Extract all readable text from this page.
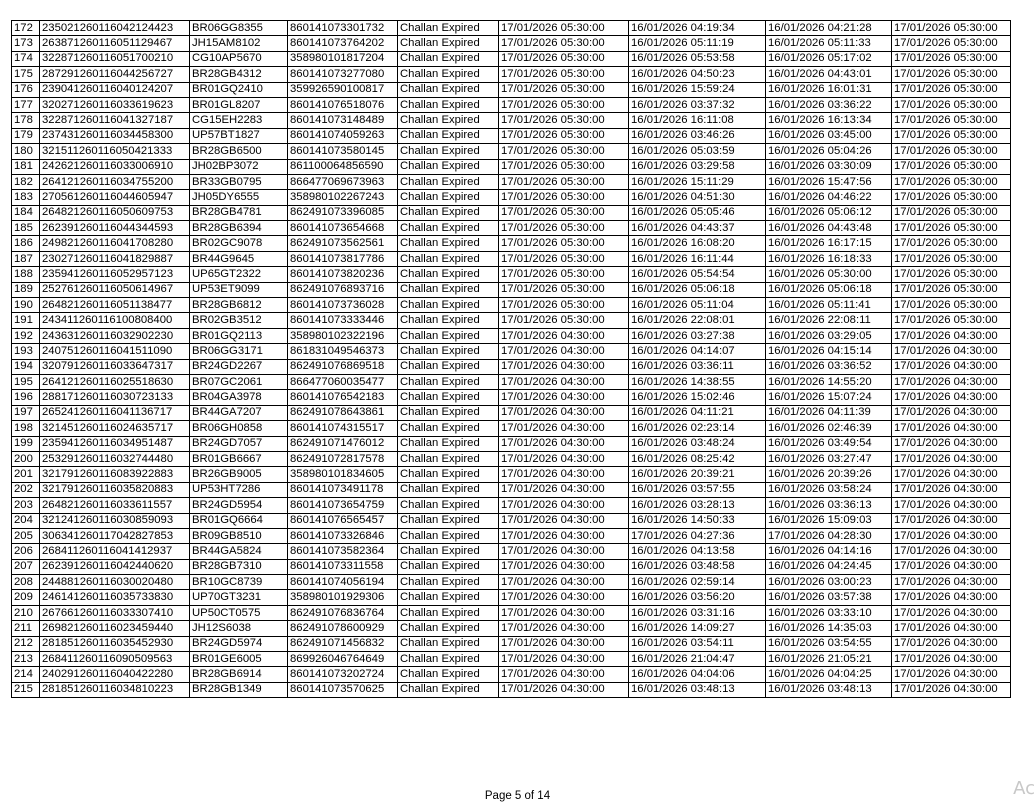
172	235021260116042124423	BR06GG8355	860141073301732	Challan Expired	17/01/2026 05:30:00	16/01/2026 04:19:34	16/01/2026 04:21:28	17/01/2026 05:30:00
173	263871260116051129467	JH15AM8102	860141073764202	Challan Expired	17/01/2026 05:30:00	16/01/2026 05:11:19	16/01/2026 05:11:33	17/01/2026 05:30:00
174	322871260116051700210	CG10AP5670	358980101817204	Challan Expired	17/01/2026 05:30:00	16/01/2026 05:53:58	16/01/2026 05:17:02	17/01/2026 05:30:00
175	287291260116044256727	BR28GB4312	860141073277080	Challan Expired	17/01/2026 05:30:00	16/01/2026 04:50:23	16/01/2026 04:43:01	17/01/2026 05:30:00
176	239041260116040124207	BR01GQ2410	359926590100817	Challan Expired	17/01/2026 05:30:00	16/01/2026 15:59:24	16/01/2026 16:01:31	17/01/2026 05:30:00
177	320271260116033619623	BR01GL8207	860141076518076	Challan Expired	17/01/2026 05:30:00	16/01/2026 03:37:32	16/01/2026 03:36:22	17/01/2026 05:30:00
178	322871260116041327187	CG15EH2283	860141073148489	Challan Expired	17/01/2026 05:30:00	16/01/2026 16:11:08	16/01/2026 16:13:34	17/01/2026 05:30:00
179	237431260116034458300	UP57BT1827	860141074059263	Challan Expired	17/01/2026 05:30:00	16/01/2026 03:46:26	16/01/2026 03:45:00	17/01/2026 05:30:00
180	321511260116050421333	BR28GB6500	860141073580145	Challan Expired	17/01/2026 05:30:00	16/01/2026 05:03:59	16/01/2026 05:04:26	17/01/2026 05:30:00
181	242621260116033006910	JH02BP3072	861100064856590	Challan Expired	17/01/2026 05:30:00	16/01/2026 03:29:58	16/01/2026 03:30:09	17/01/2026 05:30:00
182	264121260116034755200	BR33GB0795	866477069673963	Challan Expired	17/01/2026 05:30:00	16/01/2026 15:11:29	16/01/2026 15:47:56	17/01/2026 05:30:00
183	270561260116044605947	JH05DY6555	358980102267243	Challan Expired	17/01/2026 05:30:00	16/01/2026 04:51:30	16/01/2026 04:46:22	17/01/2026 05:30:00
184	264821260116050609753	BR28GB4781	862491073396085	Challan Expired	17/01/2026 05:30:00	16/01/2026 05:05:46	16/01/2026 05:06:12	17/01/2026 05:30:00
185	262391260116044344593	BR28GB6394	860141073654668	Challan Expired	17/01/2026 05:30:00	16/01/2026 04:43:37	16/01/2026 04:43:48	17/01/2026 05:30:00
186	249821260116041708280	BR02GC9078	862491073562561	Challan Expired	17/01/2026 05:30:00	16/01/2026 16:08:20	16/01/2026 16:17:15	17/01/2026 05:30:00
187	230271260116041829887	BR44G9645	860141073817786	Challan Expired	17/01/2026 05:30:00	16/01/2026 16:11:44	16/01/2026 16:18:33	17/01/2026 05:30:00
188	235941260116052957123	UP65GT2322	860141073820236	Challan Expired	17/01/2026 05:30:00	16/01/2026 05:54:54	16/01/2026 05:30:00	17/01/2026 05:30:00
189	252761260116050614967	UP53ET9099	862491076893716	Challan Expired	17/01/2026 05:30:00	16/01/2026 05:06:18	16/01/2026 05:06:18	17/01/2026 05:30:00
190	264821260116051138477	BR28GB6812	860141073736028	Challan Expired	17/01/2026 05:30:00	16/01/2026 05:11:04	16/01/2026 05:11:41	17/01/2026 05:30:00
191	243411260116100808400	BR02GB3512	860141073333446	Challan Expired	17/01/2026 05:30:00	16/01/2026 22:08:01	16/01/2026 22:08:11	17/01/2026 05:30:00
192	243631260116032902230	BR01GQ2113	358980102322196	Challan Expired	17/01/2026 04:30:00	16/01/2026 03:27:38	16/01/2026 03:29:05	17/01/2026 04:30:00
193	240751260116041511090	BR06GG3171	861831049546373	Challan Expired	17/01/2026 04:30:00	16/01/2026 04:14:07	16/01/2026 04:15:14	17/01/2026 04:30:00
194	320791260116033647317	BR24GD2267	862491076869518	Challan Expired	17/01/2026 04:30:00	16/01/2026 03:36:11	16/01/2026 03:36:52	17/01/2026 04:30:00
195	264121260116025518630	BR07GC2061	866477060035477	Challan Expired	17/01/2026 04:30:00	16/01/2026 14:38:55	16/01/2026 14:55:20	17/01/2026 04:30:00
196	288171260116030723133	BR04GA3978	860141076542183	Challan Expired	17/01/2026 04:30:00	16/01/2026 15:02:46	16/01/2026 15:07:24	17/01/2026 04:30:00
197	265241260116041136717	BR44GA7207	862491078643861	Challan Expired	17/01/2026 04:30:00	16/01/2026 04:11:21	16/01/2026 04:11:39	17/01/2026 04:30:00
198	321451260116024635717	BR06GH0858	860141074315517	Challan Expired	17/01/2026 04:30:00	16/01/2026 02:23:14	16/01/2026 02:46:39	17/01/2026 04:30:00
199	235941260116034951487	BR24GD7057	862491071476012	Challan Expired	17/01/2026 04:30:00	16/01/2026 03:48:24	16/01/2026 03:49:54	17/01/2026 04:30:00
200	253291260116032744480	BR01GB6667	862491072817578	Challan Expired	17/01/2026 04:30:00	16/01/2026 08:25:42	16/01/2026 03:27:47	17/01/2026 04:30:00
201	321791260116083922883	BR26GB9005	358980101834605	Challan Expired	17/01/2026 04:30:00	16/01/2026 20:39:21	16/01/2026 20:39:26	17/01/2026 04:30:00
202	321791260116035820883	UP53HT7286	860141073491178	Challan Expired	17/01/2026 04:30:00	16/01/2026 03:57:55	16/01/2026 03:58:24	17/01/2026 04:30:00
203	264821260116033611557	BR24GD5954	860141073654759	Challan Expired	17/01/2026 04:30:00	16/01/2026 03:28:13	16/01/2026 03:36:13	17/01/2026 04:30:00
204	321241260116030859093	BR01GQ6664	860141076565457	Challan Expired	17/01/2026 04:30:00	16/01/2026 14:50:33	16/01/2026 15:09:03	17/01/2026 04:30:00
205	306341260117042827853	BR09GB8510	860141073326846	Challan Expired	17/01/2026 04:30:00	17/01/2026 04:27:36	17/01/2026 04:28:30	17/01/2026 04:30:00
206	268411260116041412937	BR44GA5824	860141073582364	Challan Expired	17/01/2026 04:30:00	16/01/2026 04:13:58	16/01/2026 04:14:16	17/01/2026 04:30:00
207	262391260116042440620	BR28GB7310	860141073311558	Challan Expired	17/01/2026 04:30:00	16/01/2026 03:48:58	16/01/2026 04:24:45	17/01/2026 04:30:00
208	244881260116030020480	BR10GC8739	860141074056194	Challan Expired	17/01/2026 04:30:00	16/01/2026 02:59:14	16/01/2026 03:00:23	17/01/2026 04:30:00
209	246141260116035733830	UP70GT3231	358980101929306	Challan Expired	17/01/2026 04:30:00	16/01/2026 03:56:20	16/01/2026 03:57:38	17/01/2026 04:30:00
210	267661260116033307410	UP50CT0575	862491076836764	Challan Expired	17/01/2026 04:30:00	16/01/2026 03:31:16	16/01/2026 03:33:10	17/01/2026 04:30:00
211	269821260116023459440	JH12S6038	862491078600929	Challan Expired	17/01/2026 04:30:00	16/01/2026 14:09:27	16/01/2026 14:35:03	17/01/2026 04:30:00
212	281851260116035452930	BR24GD5974	862491071456832	Challan Expired	17/01/2026 04:30:00	16/01/2026 03:54:11	16/01/2026 03:54:55	17/01/2026 04:30:00
213	268411260116090509563	BR01GE6005	869926046764649	Challan Expired	17/01/2026 04:30:00	16/01/2026 21:04:47	16/01/2026 21:05:21	17/01/2026 04:30:00
214	240291260116040422280	BR28GB6914	860141073202724	Challan Expired	17/01/2026 04:30:00	16/01/2026 04:04:06	16/01/2026 04:04:25	17/01/2026 04:30:00
215	281851260116034810223	BR28GB1349	860141073570625	Challan Expired	17/01/2026 04:30:00	16/01/2026 03:48:13	16/01/2026 03:48:13	17/01/2026 04:30:00
Page 5 of 14	Ac
